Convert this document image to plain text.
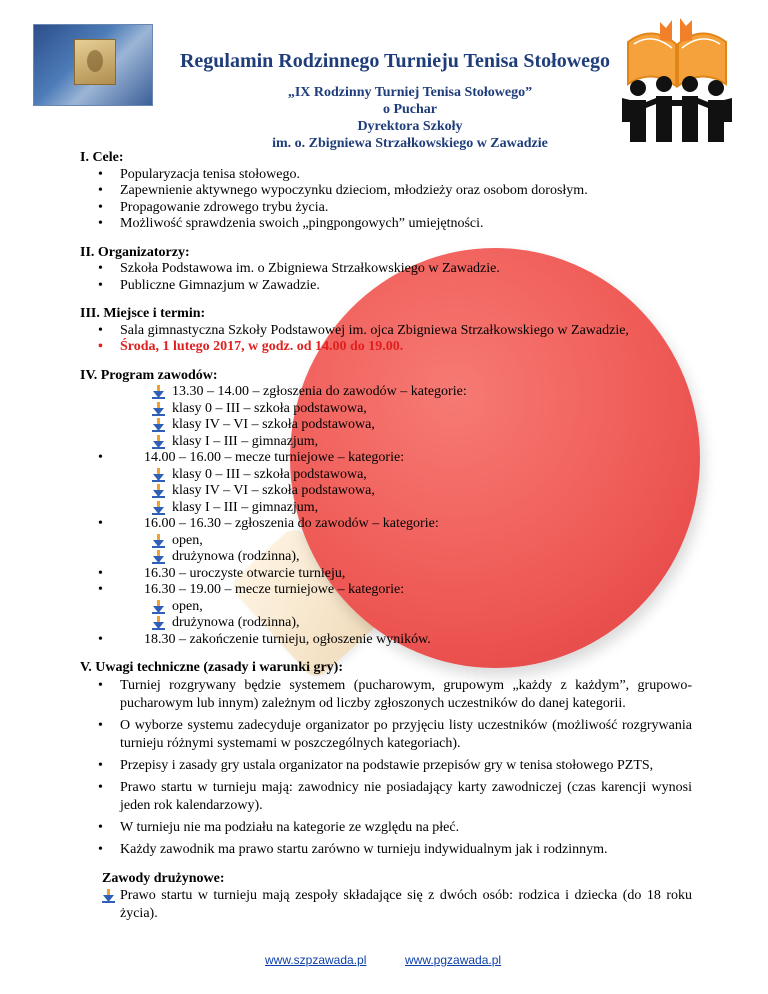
Regulamin Rodzinnego Turnieju Tenisa Stołowego
„IX Rodzinny Turniej Tenisa Stołowego”
o Puchar
Dyrektora Szkoły
im. o. Zbigniewa Strzałkowskiego w Zawadzie
I. Cele:
• Popularyzacja tenisa stołowego.
• Zapewnienie aktywnego wypoczynku dzieciom, młodzieży oraz osobom dorosłym.
• Propagowanie zdrowego trybu życia.
• Możliwość sprawdzenia swoich „pingpongowych” umiejętności.
II. Organizatorzy:
• Szkoła Podstawowa im. o Zbigniewa Strzałkowskiego w Zawadzie.
• Publiczne Gimnazjum w Zawadzie.
III. Miejsce i termin:
• Sala gimnastyczna Szkoły Podstawowej im. ojca Zbigniewa Strzałkowskiego w Zawadzie,
• Środa, 1 lutego 2017, w godz. od 14.00 do 19.00.
IV. Program zawodów:
13.30 – 14.00 – zgłoszenia do zawodów – kategorie:
klasy 0 – III – szkoła podstawowa,
klasy IV – VI – szkoła podstawowa,
klasy I – III – gimnazjum,
• 14.00 – 16.00 – mecze turniejowe – kategorie:
klasy 0 – III – szkoła podstawowa,
klasy IV – VI – szkoła podstawowa,
klasy I – III – gimnazjum,
• 16.00 – 16.30 – zgłoszenia do zawodów – kategorie:
open,
drużynowa (rodzinna),
• 16.30 – uroczyste otwarcie turnieju,
• 16.30 – 19.00 – mecze turniejowe – kategorie:
open,
drużynowa (rodzinna),
• 18.30 – zakończenie turnieju, ogłoszenie wyników.
V. Uwagi techniczne (zasady i warunki gry):
• Turniej rozgrywany będzie systemem (pucharowym, grupowym „każdy z każdym”, grupowo-pucharowym lub innym) zależnym od liczby zgłoszonych uczestników do danej kategorii.
• O wyborze systemu zadecyduje organizator po przyjęciu listy uczestników (możliwość rozgrywania turnieju różnymi systemami w poszczególnych kategoriach).
• Przepisy i zasady gry ustala organizator na podstawie przepisów gry w tenisa stołowego PZTS,
• Prawo startu w turnieju mają: zawodnicy nie posiadający karty zawodniczej (czas karencji wynosi jeden rok kalendarzowy).
• W turnieju nie ma podziału na kategorie ze względu na płeć.
• Każdy zawodnik ma prawo startu zarówno w turnieju indywidualnym jak i rodzinnym.
Zawody drużynowe:
Prawo startu w turnieju mają zespoły składające się z dwóch osób: rodzica i dziecka (do 18 roku życia).
www.szpzawada.pl	www.pgzawada.pl
